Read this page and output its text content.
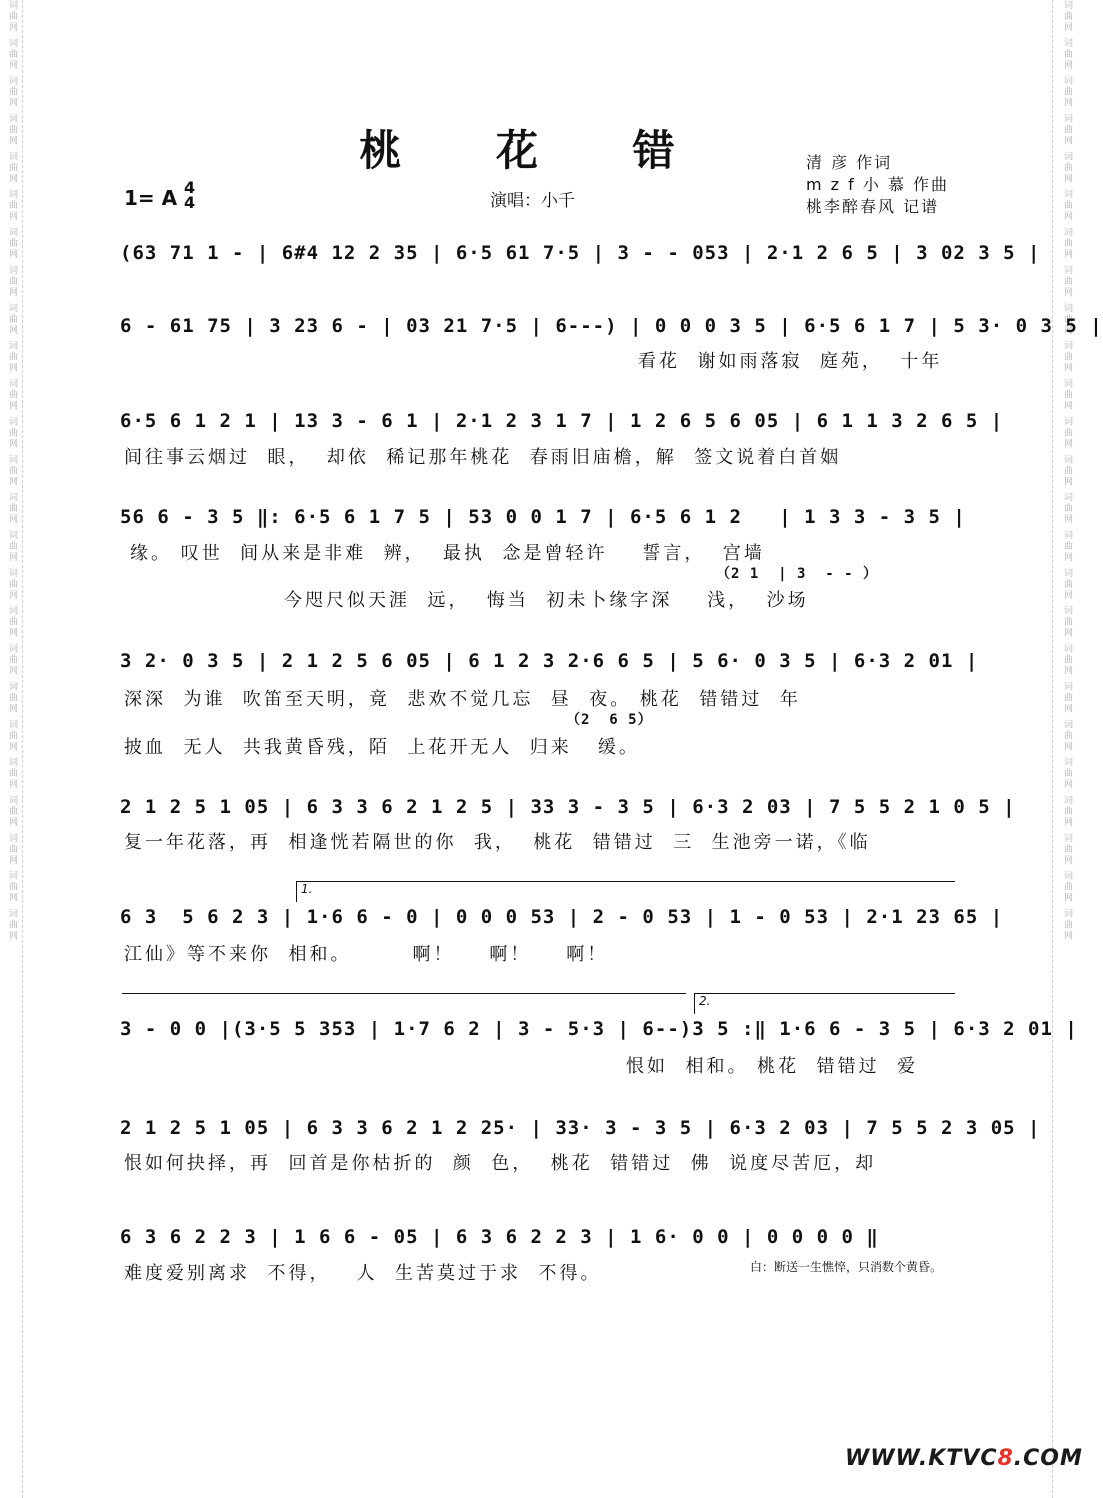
词曲网 词曲网 词曲网 词曲网 词曲网 词曲网 词曲网 词曲网 词曲网 词曲网 词曲网 词曲网 词曲网 词曲网 词曲网 词曲网 词曲网 词曲网 词曲网 词曲网 词曲网 词曲网 词曲网 词曲网 词曲网	词曲网 词曲网 词曲网 词曲网 词曲网 词曲网 词曲网 词曲网 词曲网 词曲网 词曲网 词曲网 词曲网 词曲网 词曲网 词曲网 词曲网 词曲网 词曲网 词曲网 词曲网 词曲网 词曲网 词曲网 词曲网
桃 花 错
1= A 4
4	演唱：小千
清 彦 作词
m z f 小 慕 作曲
桃李醉春风 记谱
(63 71 1 - | 6#4 12 2 35 | 6·5 61 7·5 | 3 - - 053 | 2·1 2 6 5 | 3 02 3 5 |
6 - 61 75 | 3 23 6 - | 03 21 7·5 | 6---) | 0 0 0 3 5 | 6·5 6 1 7 | 5 3· 0 3 5 |
看花  谢如雨落寂  庭苑，  十年
6·5 6 1 2 1 | 13 3 - 6 1 | 2·1 2 3 1 7 | 1 2 6 5 6 05 | 6 1 1 3 2 6 5 |
间往事云烟过  眼，  却依  稀记那年桃花  春雨旧庙檐，解  签文说着白首姻
56 6 - 3 5 ‖: 6·5 6 1 7 5 | 53 0 0 1 7 | 6·5 6 1 2   | 1 3 3 - 3 5 |
缘。 叹世  间从来是非难  辨，  最执  念是曾轻许    誓言，  宫墙
（2 1  | 3  - - ）
今咫尺似天涯  远，  悔当  初未卜缘字深    浅，  沙场
3 2· 0 3 5 | 2 1 2 5 6 05 | 6 1 2 3 2·6 6 5 | 5 6· 0 3 5 | 6·3 2 01 |
深深  为谁  吹笛至天明，竟  悲欢不觉几忘  昼  夜。 桃花  错错过  年
（2  6 5）
披血  无人  共我黄昏残，陌  上花开无人  归来   缓。
2 1 2 5 1 05 | 6 3 3 6 2 1 2 5 | 33 3 - 3 5 | 6·3 2 03 | 7 5 5 2 1 0 5 |
复一年花落，再  相逢恍若隔世的你  我，  桃花  错错过  三  生池旁一诺，《临
1.
6 3  5 6 2 3 | 1·6 6 - 0 | 0 0 0 53 | 2 - 0 53 | 1 - 0 53 | 2·1 23 65 |
江仙》等不来你  相和。       啊！    啊！    啊！
2.
3 - 0 0 |(3·5 5 353 | 1·7 6 2 | 3 - 5·3 | 6--)3 5 :‖ 1·6 6 - 3 5 | 6·3 2 01 |
恨如  相和。 桃花  错错过  爱
2 1 2 5 1 05 | 6 3 3 6 2 1 2 25· | 33· 3 - 3 5 | 6·3 2 03 | 7 5 5 2 3 05 |
恨如何抉择，再  回首是你枯折的  颜  色，  桃花  错错过  佛  说度尽苦厄，却
6 3 6 2 2 3 | 1 6 6 - 05 | 6 3 6 2 2 3 | 1 6· 0 0 | 0 0 0 0 ‖
难度爱别离求  不得，   人  生苦莫过于求  不得。	白：断送一生憔悴，只消数个黄昏。
WWW.KTVC8.COM
